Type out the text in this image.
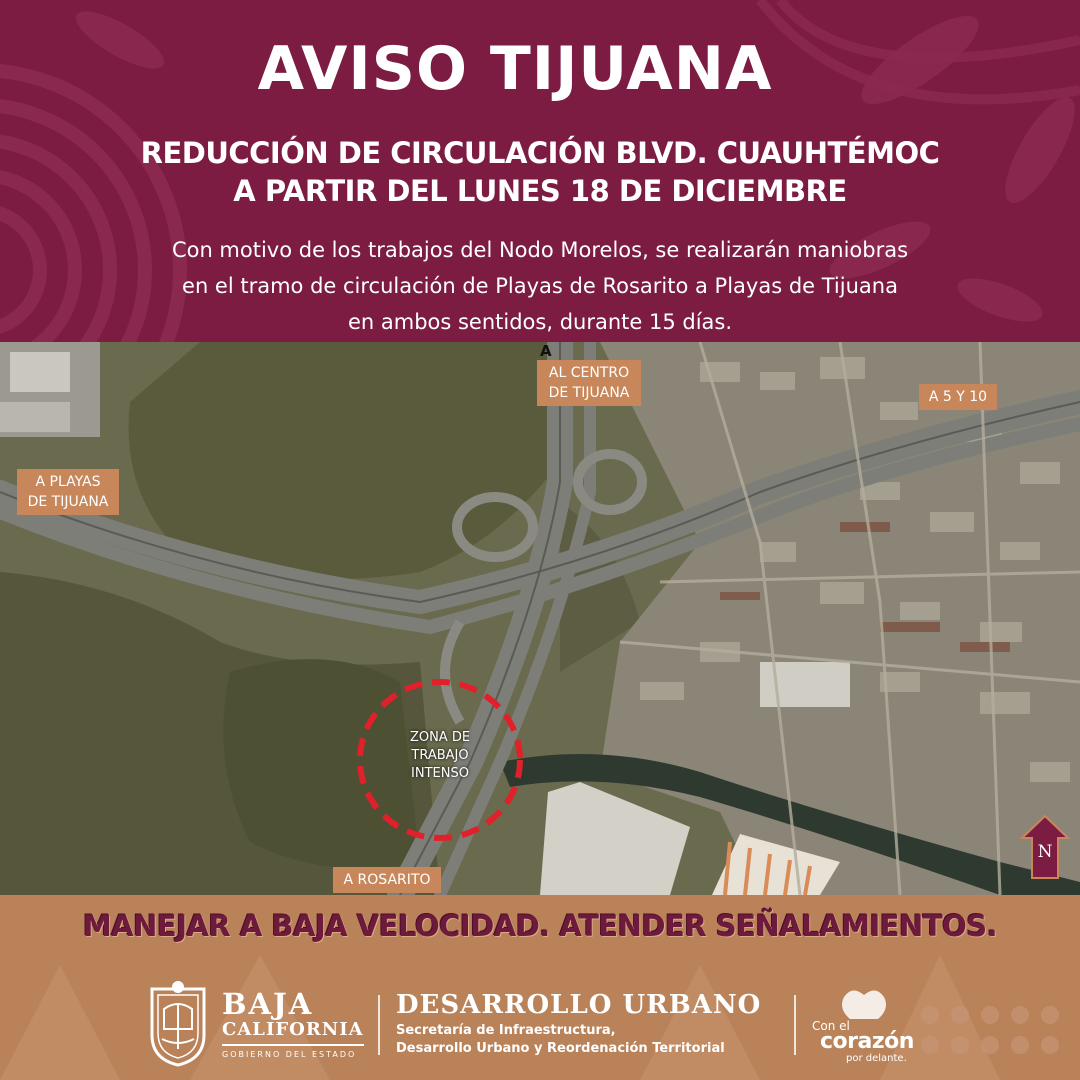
AVISO TIJUANA
REDUCCIÓN DE CIRCULACIÓN BLVD. CUAUHTÉMOC
A PARTIR DEL LUNES 18 DE DICIEMBRE
Con motivo de los trabajos del Nodo Morelos, se realizarán maniobras
en el tramo de circulación de Playas de Rosarito a Playas de Tijuana
en ambos sentidos, durante 15 días.
A
AL CENTRO
DE TIJUANA	A 5 Y 10
A PLAYAS
DE TIJUANA
A ROSARITO
ZONA DE
TRABAJO
INTENSO
N
MANEJAR A BAJA VELOCIDAD. ATENDER SEÑALAMIENTOS.
BAJA
CALIFORNIA
GOBIERNO DEL ESTADO
DESARROLLO URBANO
Secretaría de Infraestructura,
Desarrollo Urbano y Reordenación Territorial
Con el
corazón
por delante.
